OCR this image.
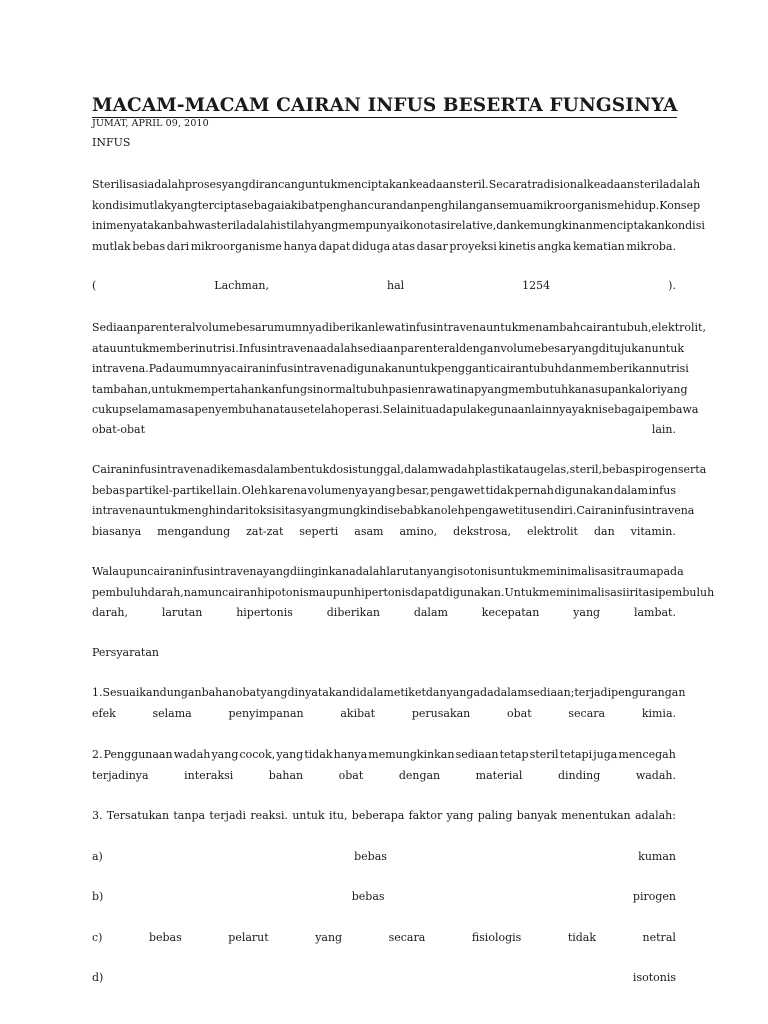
MACAM-MACAM CAIRAN INFUS BESERTA FUNGSINYA
JUMAT, APRIL 09, 2010
INFUS
Sterilisasi adalah proses yang dirancang untuk menciptakan keadaan steril. Secara tradisional keadaan steril adalah
kondisi mutlak yang tercipta sebagai akibat penghancuran dan penghilangan semua mikroorganisme hidup. Konsep
ini menyatakan bahwa steril adalah istilah yang mempunyai konotasi relative, dan kemungkinan menciptakan kondisi
mutlak bebas dari mikroorganisme hanya dapat diduga atas dasar proyeksi kinetis angka kematian mikroba.
(	Lachman,	hal	1254	).
Sediaan parenteral volume besar umumnya diberikan lewat infus intravena untuk menambah cairan tubuh, elektrolit,
atau untuk memberi nutrisi. Infus intravena adalah sediaan parenteral dengan volume besar yang ditujukan untuk
intravena. Pada umumnya cairan infus intravena digunakan untuk pengganti cairan tubuh dan memberikan nutrisi
tambahan, untuk mempertahankan fungsi normal tubuh pasien rawat inap yang membutuhkan asupan kalori yang
cukup selama masa penyembuhan atau setelah operasi. Selain itu ada pula kegunaan lainnya yakni sebagai pembawa
obat-obat	lain.
Cairan infus intravena dikemas dalam bentuk dosis tunggal, dalam wadah plastik atau gelas, steril, bebas pirogen serta
bebas partikel-partikel lain. Oleh karena volumenya yang besar, pengawet tidak pernah digunakan dalam infus
intravena untuk menghindari toksisitas yang mungkin disebabkan oleh pengawet itu sendiri. Cairan infus intravena
biasanya mengandung zat-zat seperti asam amino, dekstrosa, elektrolit dan vitamin.
Walaupun cairan infus intravena yang diinginkan adalah larutan yang isotonis untuk meminimalisasi trauma pada
pembuluh darah, namun cairan hipotonis maupun hipertonis dapat digunakan. Untuk meminimalisasi iritasi pembuluh
darah,	larutan	hipertonis	diberikan	dalam	kecepatan	yang	lambat.
Persyaratan
1. Sesuai kandungan bahan obat yang dinyatakan didalam etiket dan yang ada dalam sediaan; terjadi pengurangan
efek	selama	penyimpanan	akibat	perusakan	obat	secara	kimia.
2. Penggunaan wadah yang cocok, yang tidak hanya memungkinkan sediaan tetap steril tetapi juga mencegah
terjadinya	interaksi	bahan	obat	dengan	material	dinding	wadah.
3. Tersatukan tanpa terjadi reaksi. untuk itu, beberapa faktor yang paling banyak menentukan adalah:
a)	bebas	kuman
b)	bebas	pirogen
c)	bebas	pelarut	yang	secara	fisiologis	tidak	netral
d)	isotonis
